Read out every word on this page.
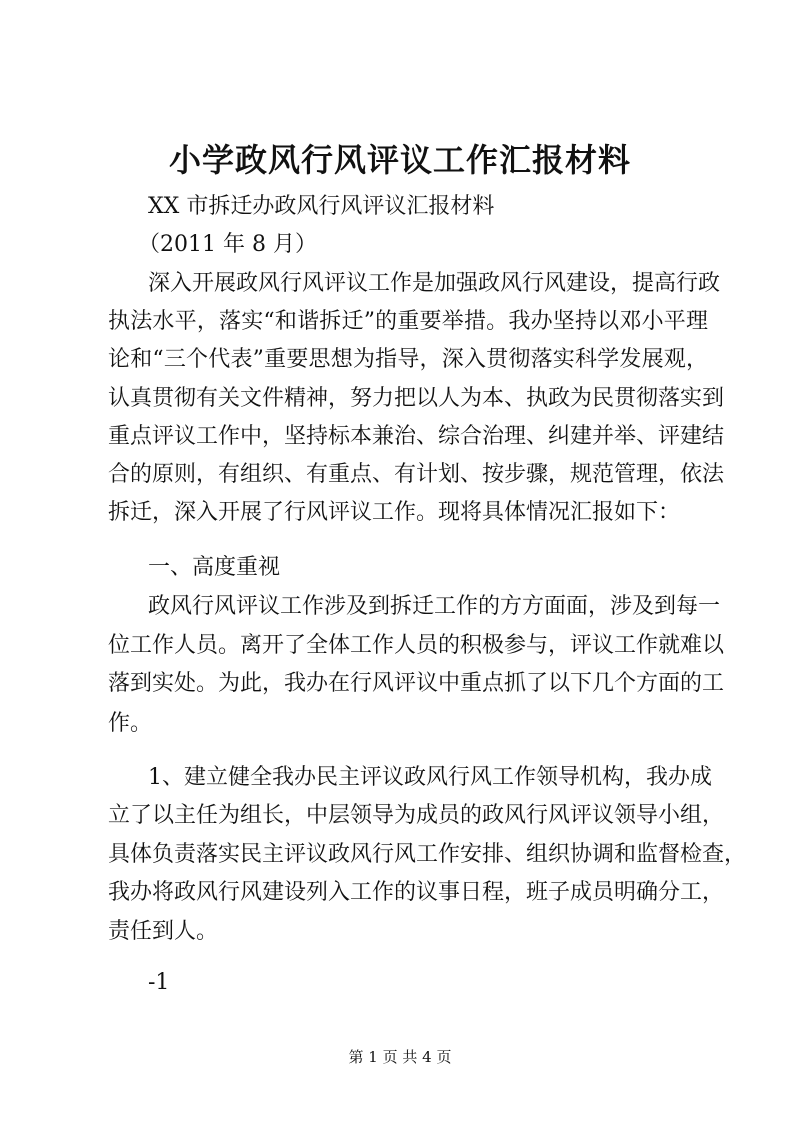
小学政风行风评议工作汇报材料

XX 市拆迁办政风行风评议汇报材料

（2011 年 8 月）

深入开展政风行风评议工作是加强政风行风建设，提高行政

执法水平，落实“和谐拆迁”的重要举措。我办坚持以邓小平理

论和“三个代表”重要思想为指导，深入贯彻落实科学发展观，

认真贯彻有关文件精神，努力把以人为本、执政为民贯彻落实到

重点评议工作中，坚持标本兼治、综合治理、纠建并举、评建结

合的原则，有组织、有重点、有计划、按步骤，规范管理，依法

拆迁，深入开展了行风评议工作。现将具体情况汇报如下：

一、高度重视

政风行风评议工作涉及到拆迁工作的方方面面，涉及到每一

位工作人员。离开了全体工作人员的积极参与，评议工作就难以

落到实处。为此，我办在行风评议中重点抓了以下几个方面的工

作。

1、建立健全我办民主评议政风行风工作领导机构，我办成

立了以主任为组长，中层领导为成员的政风行风评议领导小组，

具体负责落实民主评议政风行风工作安排、组织协调和监督检查，

我办将政风行风建设列入工作的议事日程，班子成员明确分工，

责任到人。

-1

第 1 页 共 4 页
